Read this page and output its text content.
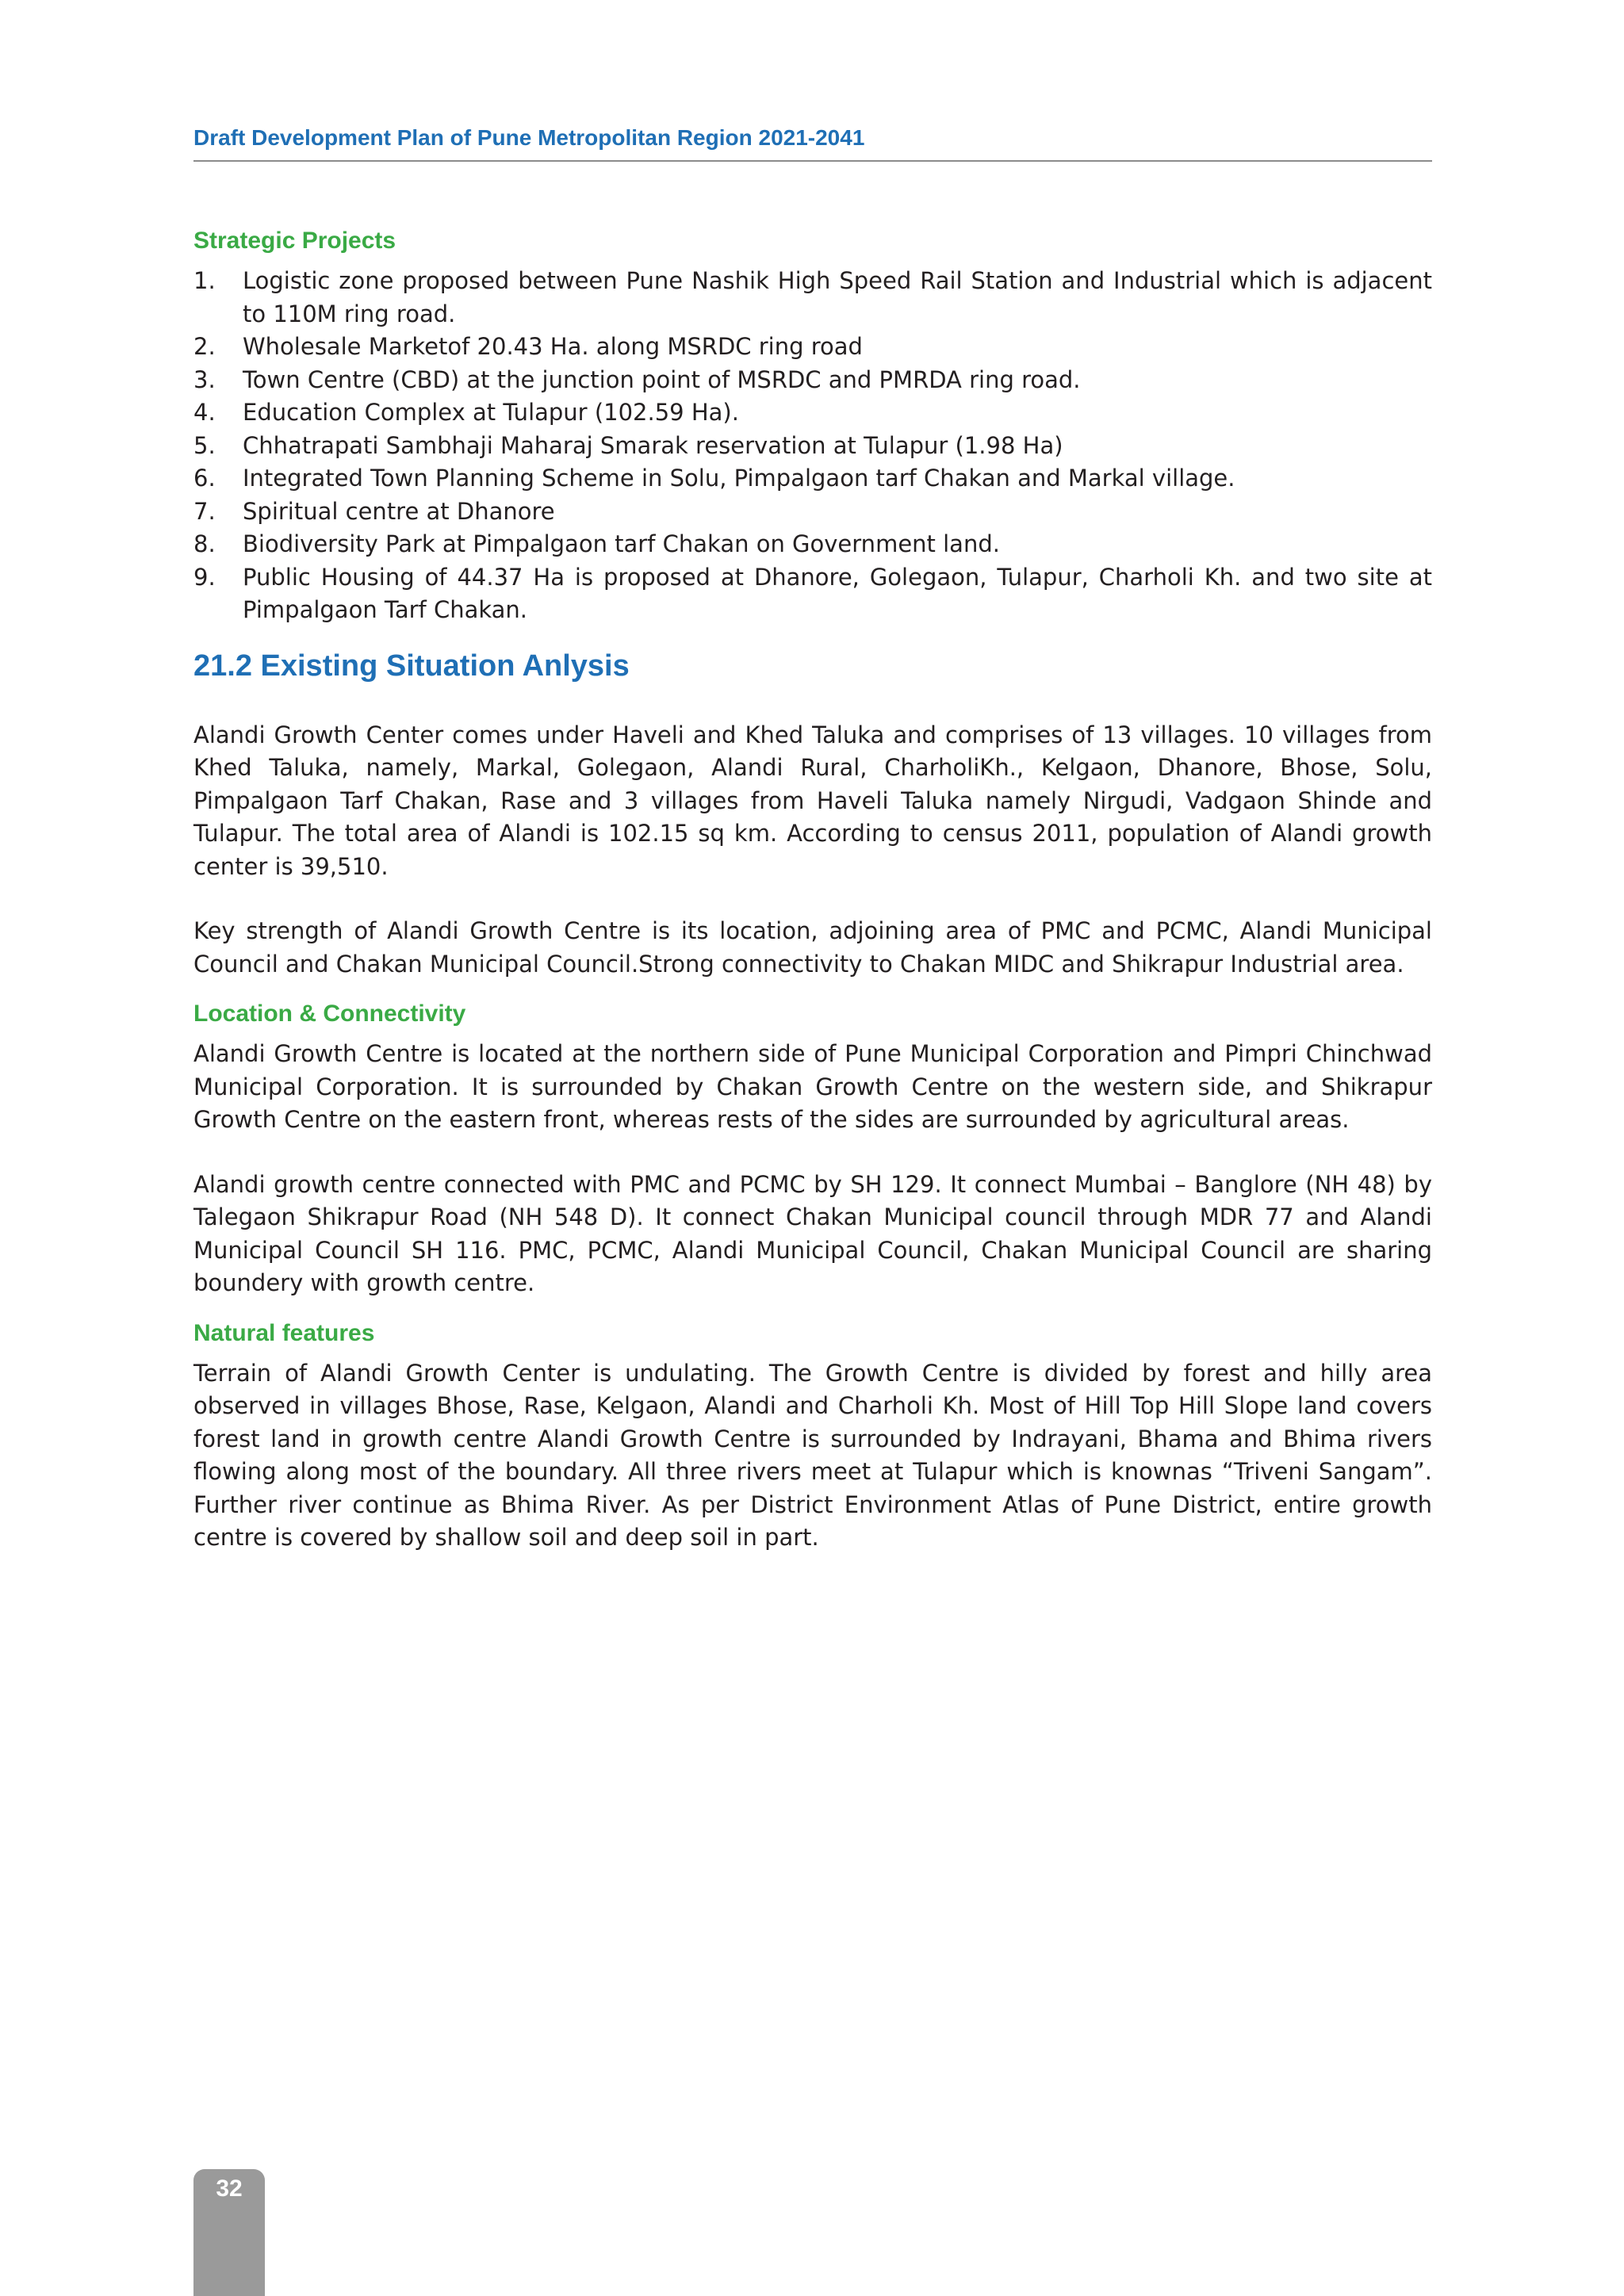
Draft Development Plan of Pune Metropolitan Region 2021-2041
Strategic Projects
1. Logistic zone proposed between Pune Nashik High Speed Rail Station and Industrial which is adjacent to 110M ring road.
2. Wholesale Marketof 20.43 Ha. along MSRDC ring road
3. Town Centre (CBD) at the junction point of MSRDC and PMRDA ring road.
4. Education Complex at Tulapur (102.59 Ha).
5. Chhatrapati Sambhaji Maharaj Smarak reservation at Tulapur (1.98 Ha)
6. Integrated Town Planning Scheme in Solu, Pimpalgaon tarf Chakan and Markal village.
7. Spiritual centre at Dhanore
8. Biodiversity Park at Pimpalgaon tarf Chakan on Government land.
9. Public Housing of 44.37 Ha is proposed at Dhanore, Golegaon, Tulapur, Charholi Kh. and two site at Pimpalgaon Tarf Chakan.
21.2 Existing Situation Anlysis

Alandi Growth Center comes under Haveli and Khed Taluka and comprises of 13 villages. 10 villages from Khed Taluka, namely, Markal, Golegaon, Alandi Rural, CharholiKh., Kelgaon, Dhanore, Bhose, Solu, Pimpalgaon Tarf Chakan, Rase and 3 villages from Haveli Taluka namely Nirgudi, Vadgaon Shinde and Tulapur. The total area of Alandi is 102.15 sq km. According to census 2011, population of Alandi growth center is 39,510.

Key strength of Alandi Growth Centre is its location, adjoining area of PMC and PCMC, Alandi Municipal Council and Chakan Municipal Council.Strong connectivity to Chakan MIDC and Shikrapur Industrial area.

Location & Connectivity

Alandi Growth Centre is located at the northern side of Pune Municipal Corporation and Pimpri Chinchwad Municipal Corporation. It is surrounded by Chakan Growth Centre on the western side, and Shikrapur Growth Centre on the eastern front, whereas rests of the sides are surrounded by agricultural areas.

Alandi growth centre connected with PMC and PCMC by SH 129. It connect Mumbai – Banglore (NH 48) by Talegaon Shikrapur Road (NH 548 D). It connect Chakan Municipal council through MDR 77 and Alandi Municipal Council SH 116. PMC, PCMC, Alandi Municipal Council, Chakan Municipal Council are sharing boundery with growth centre.

Natural features

Terrain of Alandi Growth Center is undulating. The Growth Centre is divided by forest and hilly area observed in villages Bhose, Rase, Kelgaon, Alandi and Charholi Kh. Most of Hill Top Hill Slope land covers forest land in growth centre Alandi Growth Centre is surrounded by Indrayani, Bhama and Bhima rivers flowing along most of the boundary. All three rivers meet at Tulapur which is knownas “Triveni Sangam”. Further river continue as Bhima River. As per District Environment Atlas of Pune District, entire growth centre is covered by shallow soil and deep soil in part.

32
